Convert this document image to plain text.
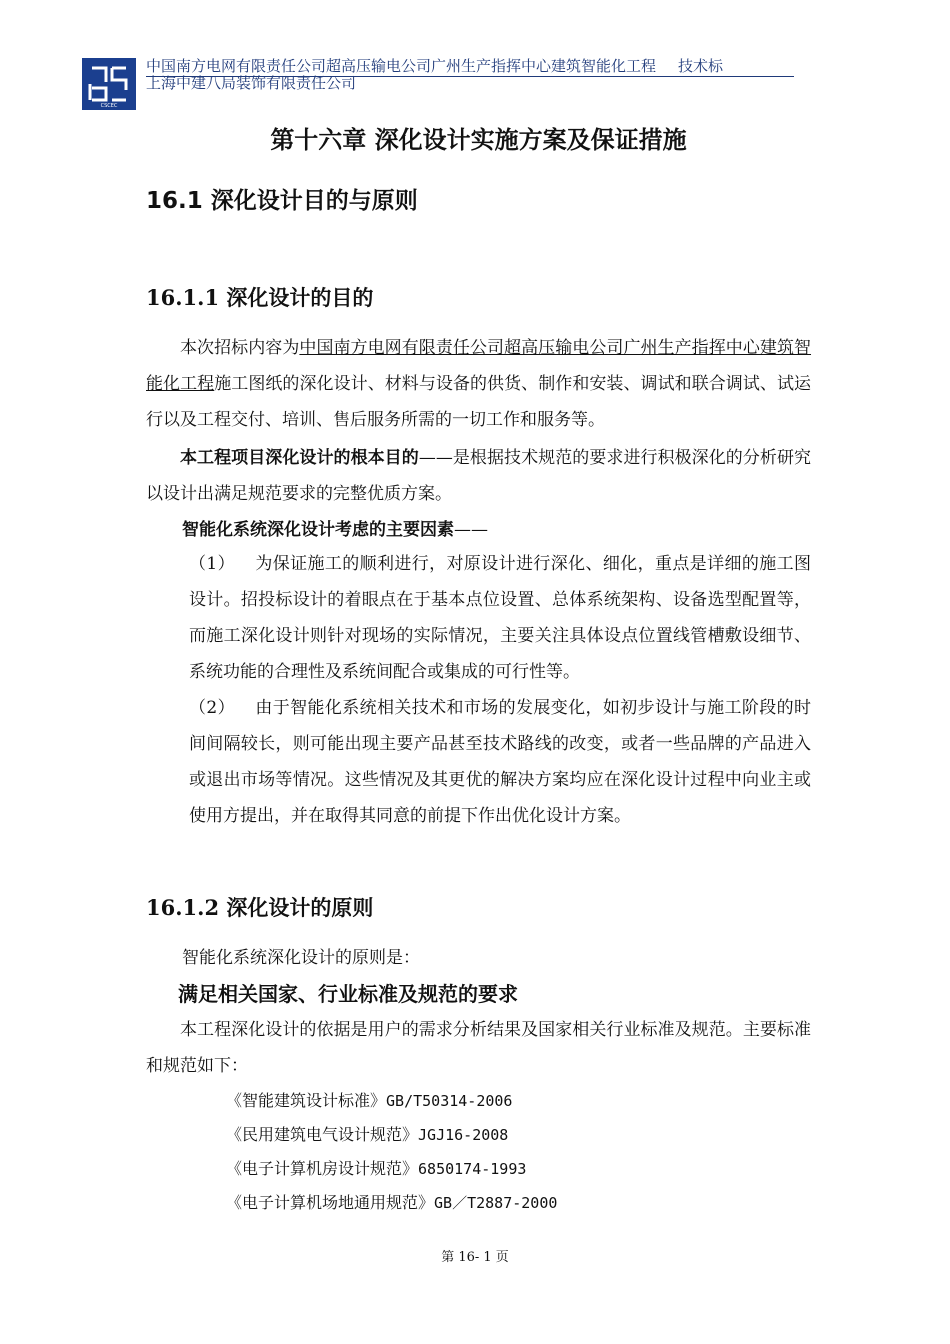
CSCEC
中国南方电网有限责任公司超高压输电公司广州生产指挥中心建筑智能化工程 技术标
上海中建八局装饰有限责任公司
第十六章 深化设计实施方案及保证措施
16.1 深化设计目的与原则
16.1.1 深化设计的目的
本次招标内容为中国南方电网有限责任公司超高压输电公司广州生产指挥中心建筑智能化工程施工图纸的深化设计、材料与设备的供货、制作和安装、调试和联合调试、试运行以及工程交付、培训、售后服务所需的一切工作和服务等。
本工程项目深化设计的根本目的——是根据技术规范的要求进行积极深化的分析研究以设计出满足规范要求的完整优质方案。
智能化系统深化设计考虑的主要因素——
（1） 为保证施工的顺利进行，对原设计进行深化、细化，重点是详细的施工图设计。招投标设计的着眼点在于基本点位设置、总体系统架构、设备选型配置等，而施工深化设计则针对现场的实际情况，主要关注具体设点位置线管槽敷设细节、系统功能的合理性及系统间配合或集成的可行性等。
（2） 由于智能化系统相关技术和市场的发展变化，如初步设计与施工阶段的时间间隔较长，则可能出现主要产品甚至技术路线的改变，或者一些品牌的产品进入或退出市场等情况。这些情况及其更优的解决方案均应在深化设计过程中向业主或使用方提出，并在取得其同意的前提下作出优化设计方案。
16.1.2 深化设计的原则
智能化系统深化设计的原则是：
满足相关国家、行业标准及规范的要求
本工程深化设计的依据是用户的需求分析结果及国家相关行业标准及规范。主要标准和规范如下：
《智能建筑设计标准》GB/T50314-2006
《民用建筑电气设计规范》JGJ16-2008
《电子计算机房设计规范》6850174-1993
《电子计算机场地通用规范》GB／T2887-2000
第 16- 1 页
